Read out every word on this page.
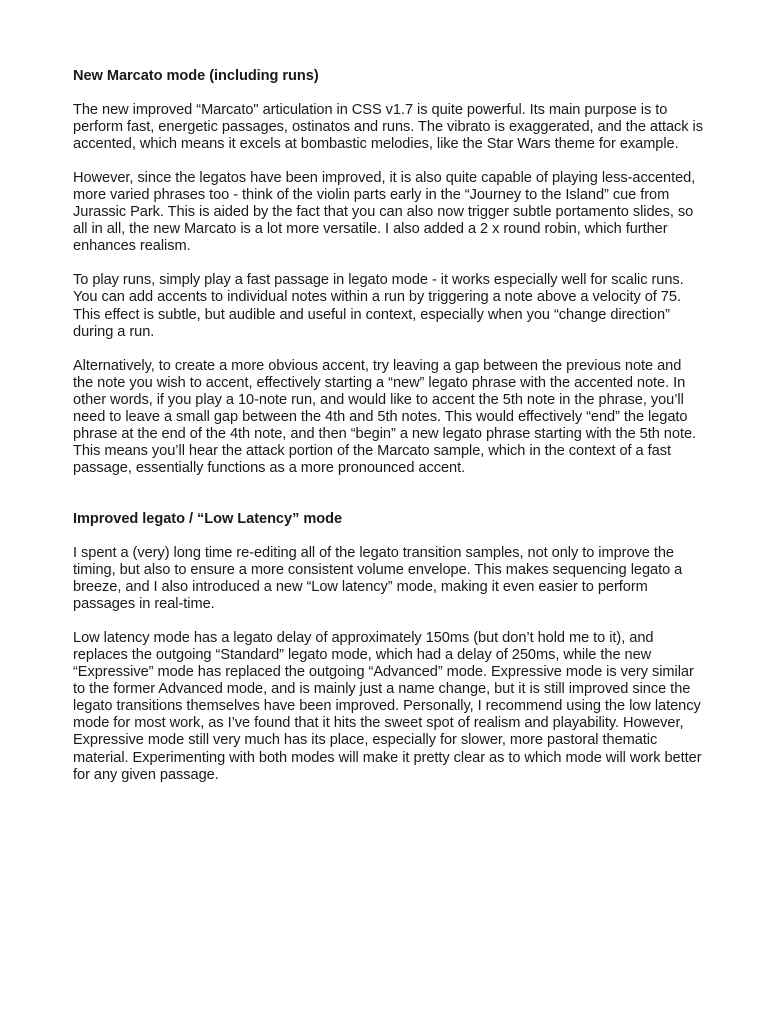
New Marcato mode (including runs)

The new improved “Marcato" articulation in CSS v1.7 is quite powerful. Its main purpose is to perform fast, energetic passages, ostinatos and runs. The vibrato is exaggerated, and the attack is accented, which means it excels at bombastic melodies, like the Star Wars theme for example.

However, since the legatos have been improved, it is also quite capable of playing less-accented, more varied phrases too - think of the violin parts early in the “Journey to the Island” cue from Jurassic Park. This is aided by the fact that you can also now trigger subtle portamento slides, so all in all, the new Marcato is a lot more versatile. I also added a 2 x round robin, which further enhances realism.

To play runs, simply play a fast passage in legato mode - it works especially well for scalic runs. You can add accents to individual notes within a run by triggering a note above a velocity of 75. This effect is subtle, but audible and useful in context, especially when you “change direction” during a run.

Alternatively, to create a more obvious accent, try leaving a gap between the previous note and the note you wish to accent, effectively starting a “new” legato phrase with the accented note. In other words, if you play a 10-note run, and would like to accent the 5th note in the phrase, you’ll need to leave a small gap between the 4th and 5th notes. This would effectively “end” the legato phrase at the end of the 4th note, and then “begin” a new legato phrase starting with the 5th note. This means you’ll hear the attack portion of the Marcato sample, which in the context of a fast passage, essentially functions as a more pronounced accent.

Improved legato / “Low Latency” mode

I spent a (very) long time re-editing all of the legato transition samples, not only to improve the timing, but also to ensure a more consistent volume envelope. This makes sequencing legato a breeze, and I also introduced a new “Low latency” mode, making it even easier to perform passages in real-time.

Low latency mode has a legato delay of approximately 150ms (but don’t hold me to it), and replaces the outgoing “Standard” legato mode, which had a delay of 250ms, while the new “Expressive” mode has replaced the outgoing “Advanced” mode. Expressive mode is very similar to the former Advanced mode, and is mainly just a name change, but it is still improved since the legato transitions themselves have been improved. Personally, I recommend using the low latency mode for most work, as I’ve found that it hits the sweet spot of realism and playability. However, Expressive mode still very much has its place, especially for slower, more pastoral thematic material. Experimenting with both modes will make it pretty clear as to which mode will work better for any given passage.
